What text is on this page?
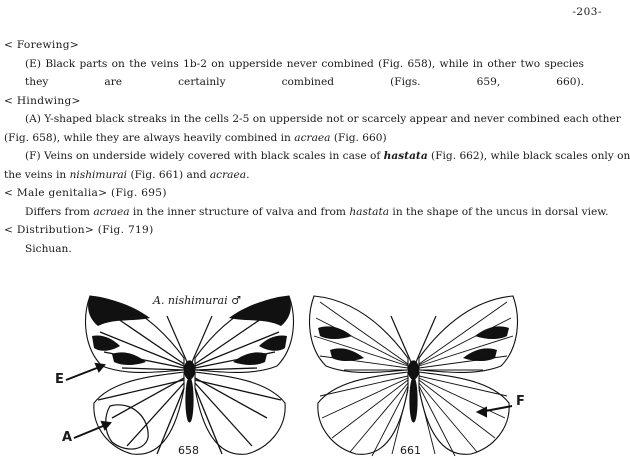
-203-
< Forewing>
(E) Black parts on the veins 1b-2 on upperside never combined (Fig. 658), while in other two species they are certainly combined (Figs. 659, 660).
< Hindwing>
(A) Y-shaped black streaks in the cells 2-5 on upperside not or scarcely appear and never combined each other
(Fig. 658), while they are always heavily combined in acraea (Fig. 660)
(F) Veins on underside widely covered with black scales in case of hastata (Fig. 662), while black scales only on
the veins in nishimurai (Fig. 661) and acraea.
< Male genitalia> (Fig. 695)
Differs from acraea in the inner structure of valva and from hastata in the shape of the uncus in dorsal view.
< Distribution> (Fig. 719)
Sichuan.
A. nishimurai ♂
E
A
F
658	661
